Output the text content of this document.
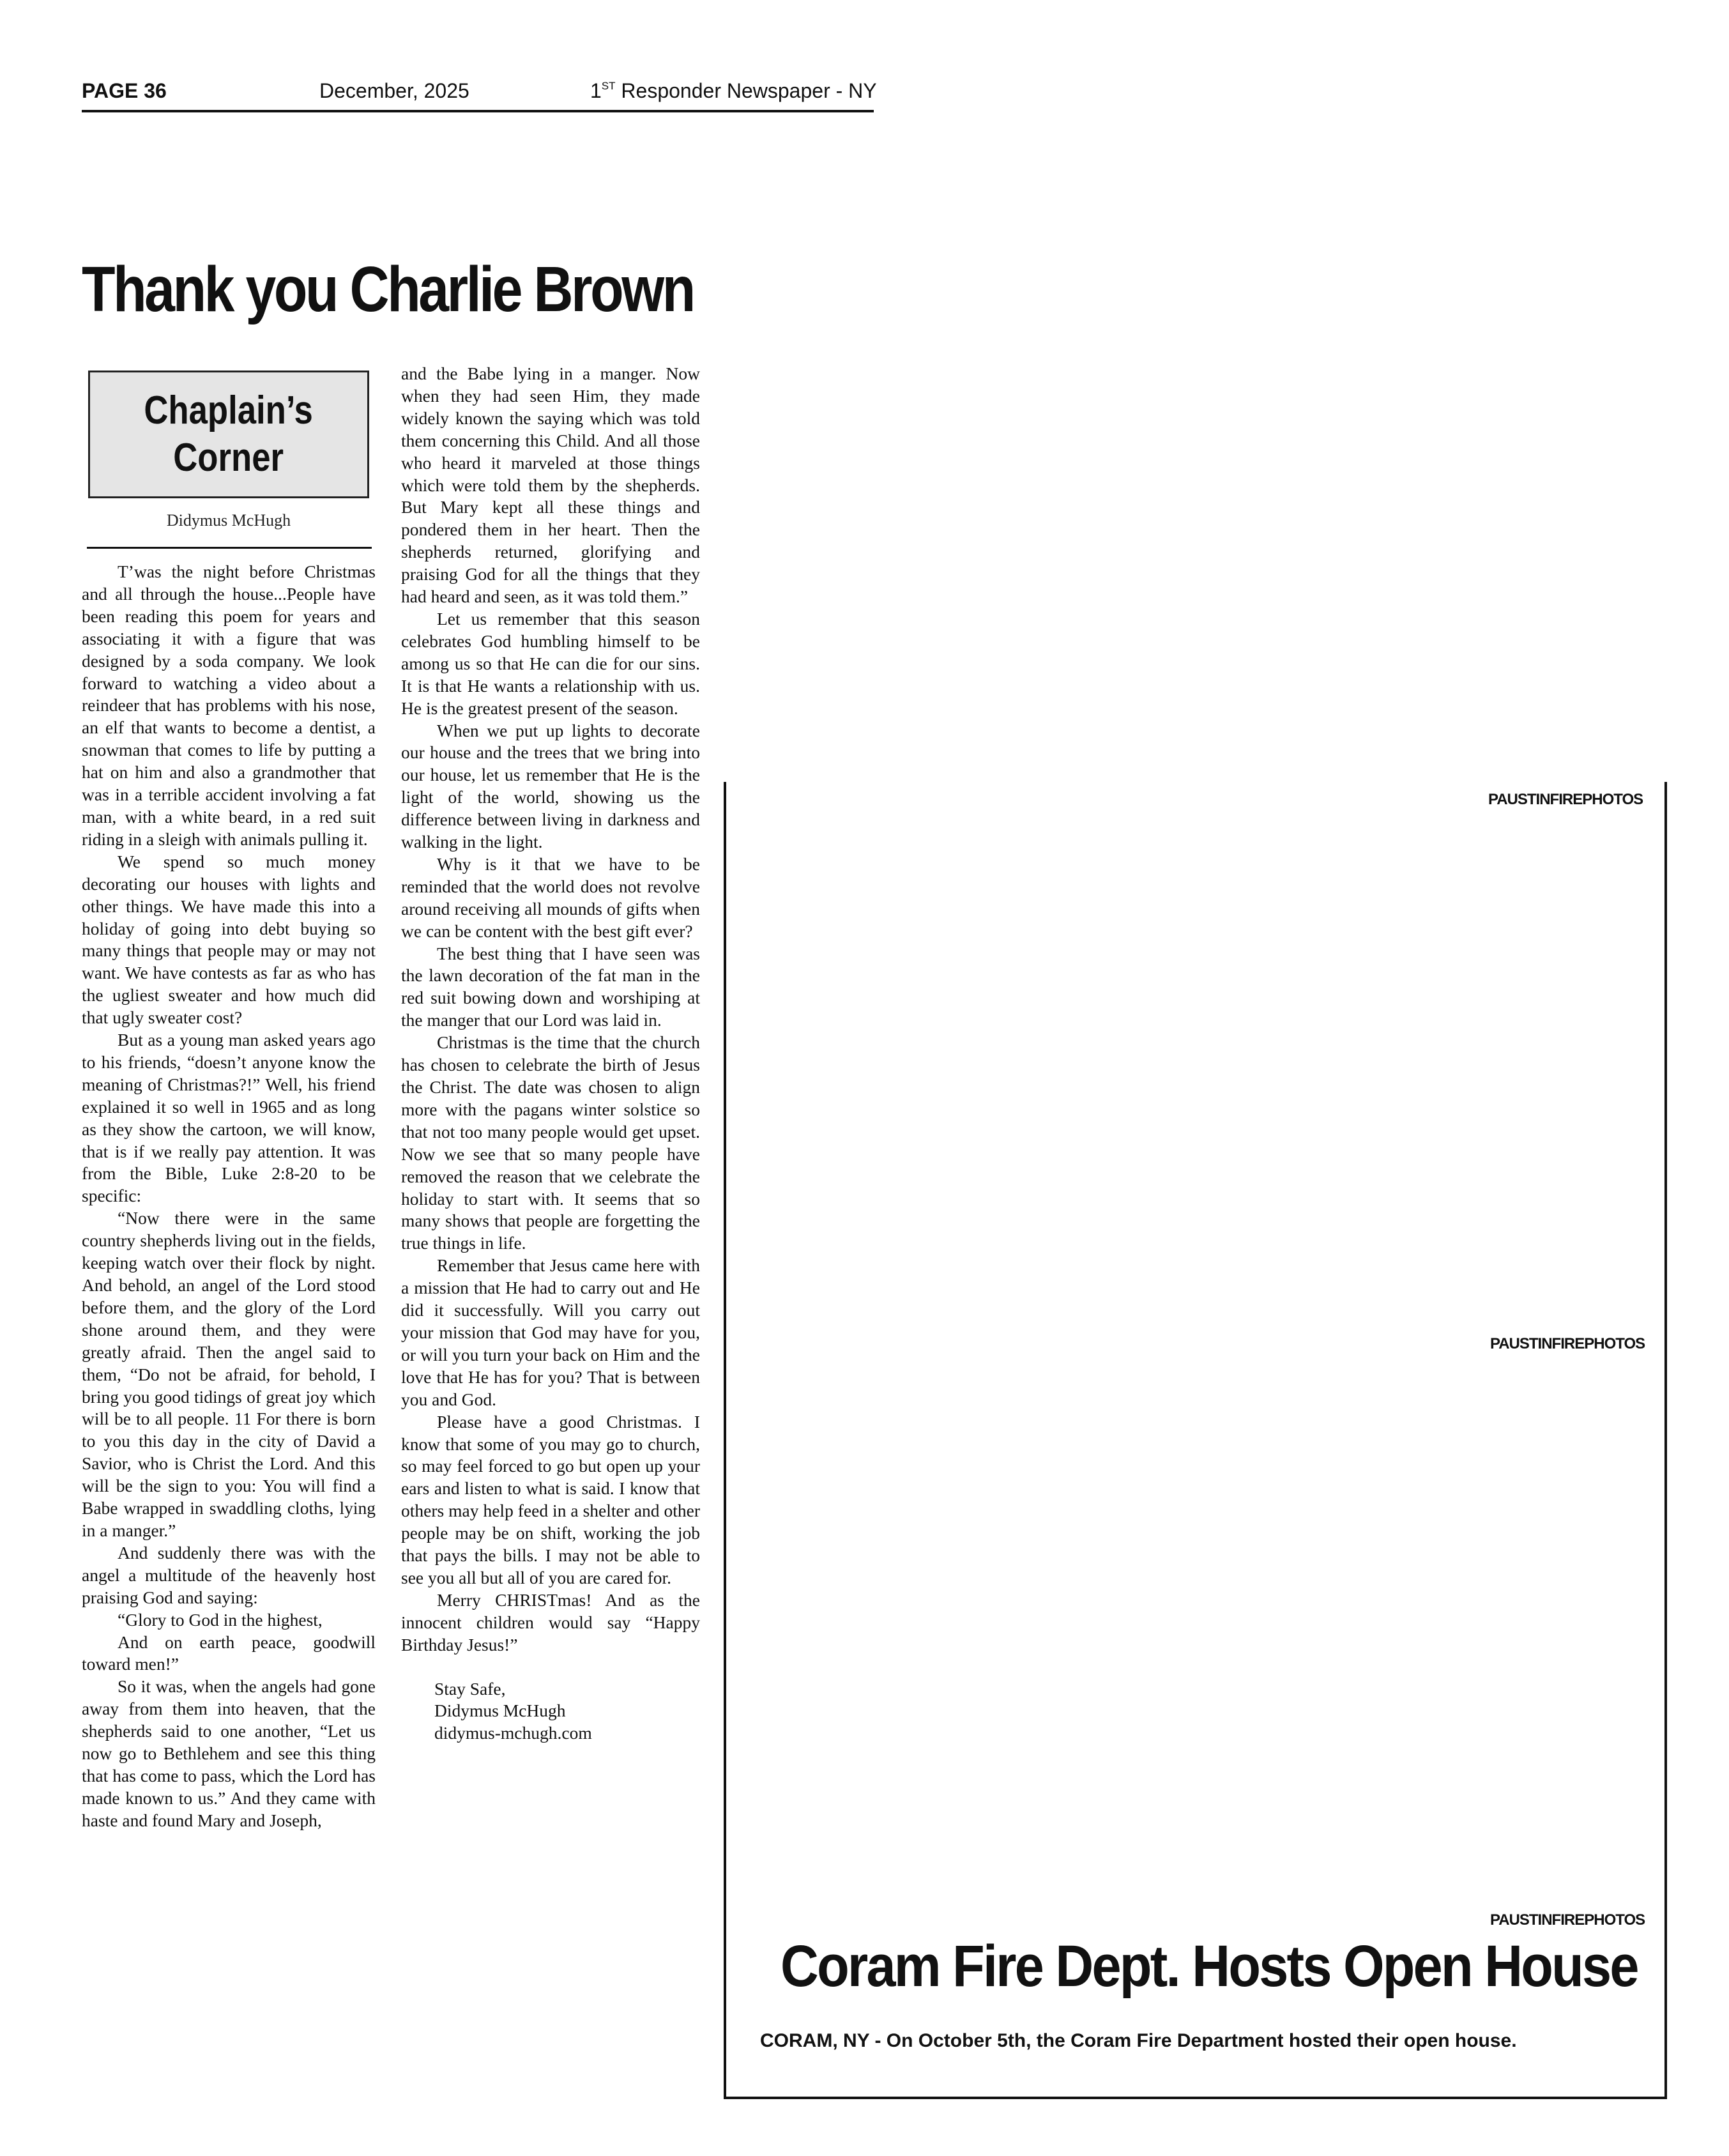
PAGE 36	December, 2025	1ST Responder Newspaper - NY
Thank you Charlie Brown
Chaplain’s
Corner
Didymus McHugh

T’was the night before Christmas and all through the house...People have been reading this poem for years and associating it with a figure that was designed by a soda company. We look forward to watching a video about a reindeer that has problems with his nose, an elf that wants to become a dentist, a snowman that comes to life by putting a hat on him and also a grandmother that was in a terrible accident involving a fat man, with a white beard, in a red suit riding in a sleigh with animals pulling it.

We spend so much money decorating our houses with lights and other things. We have made this into a holiday of going into debt buying so many things that people may or may not want. We have contests as far as who has the ugliest sweater and how much did that ugly sweater cost?

But as a young man asked years ago to his friends, “doesn’t anyone know the meaning of Christmas?!” Well, his friend explained it so well in 1965 and as long as they show the cartoon, we will know, that is if we really pay attention. It was from the Bible, Luke 2:8-20 to be specific:

“Now there were in the same country shepherds living out in the fields, keeping watch over their flock by night. And behold, an angel of the Lord stood before them, and the glory of the Lord shone around them, and they were greatly afraid. Then the angel said to them, “Do not be afraid, for behold, I bring you good tidings of great joy which will be to all people. 11 For there is born to you this day in the city of David a Savior, who is Christ the Lord. And this will be the sign to you: You will find a Babe wrapped in swaddling cloths, lying in a manger.”

And suddenly there was with the angel a multitude of the heavenly host praising God and saying:

“Glory to God in the highest,

And on earth peace, goodwill toward men!”

So it was, when the angels had gone away from them into heaven, that the shepherds said to one another, “Let us now go to Bethlehem and see this thing that has come to pass, which the Lord has made known to us.” And they came with haste and found Mary and Joseph,

and the Babe lying in a manger. Now when they had seen Him, they made widely known the saying which was told them concerning this Child. And all those who heard it marveled at those things which were told them by the shepherds. But Mary kept all these things and pondered them in her heart. Then the shepherds returned, glorifying and praising God for all the things that they had heard and seen, as it was told them.”

Let us remember that this season celebrates God humbling himself to be among us so that He can die for our sins. It is that He wants a relationship with us. He is the greatest present of the season.

When we put up lights to decorate our house and the trees that we bring into our house, let us remember that He is the light of the world, showing us the difference between living in darkness and walking in the light.

Why is it that we have to be reminded that the world does not revolve around receiving all mounds of gifts when we can be content with the best gift ever?

The best thing that I have seen was the lawn decoration of the fat man in the red suit bowing down and worshiping at the manger that our Lord was laid in.

Christmas is the time that the church has chosen to celebrate the birth of Jesus the Christ. The date was chosen to align more with the pagans winter solstice so that not too many people would get upset. Now we see that so many people have removed the reason that we celebrate the holiday to start with. It seems that so many shows that people are forgetting the true things in life.

Remember that Jesus came here with a mission that He had to carry out and He did it successfully. Will you carry out your mission that God may have for you, or will you turn your back on Him and the love that He has for you? That is between you and God.

Please have a good Christmas. I know that some of you may go to church, so may feel forced to go but open up your ears and listen to what is said. I know that others may help feed in a shelter and other people may be on shift, working the job that pays the bills. I may not be able to see you all but all of you are cared for.

Merry CHRISTmas! And as the innocent children would say “Happy Birthday Jesus!”

Stay Safe,
Didymus McHugh
didymus-mchugh.com
PAUSTINFIREPHOTOS
PAUSTINFIREPHOTOS
PAUSTINFIREPHOTOS
Coram Fire Dept. Hosts Open House
CORAM, NY - On October 5th, the Coram Fire Department hosted their open house.
